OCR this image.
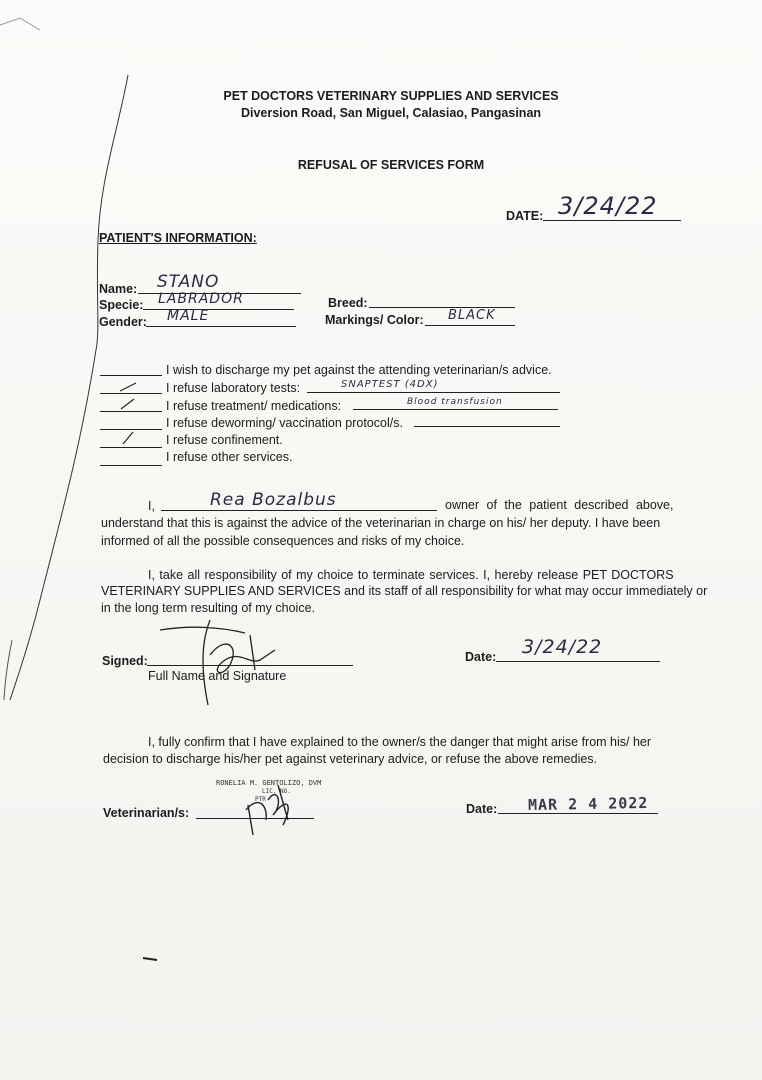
PET DOCTORS VETERINARY SUPPLIES AND SERVICES
Diversion Road, San Miguel, Calasiao, Pangasinan
REFUSAL OF SERVICES FORM
DATE: 3/24/22
PATIENT'S INFORMATION:
Name: STANO
Specie: LABRADOR
Gender: MALE
Breed:
Markings/ Color: BLACK
I wish to discharge my pet against the attending veterinarian/s advice.
I refuse laboratory tests:	SNAPTEST (4DX)
I refuse treatment/ medications:	Blood transfusion
I refuse deworming/ vaccination protocol/s.
I refuse confinement.
I refuse other services.
I,	Rea Bozalbus	owner of the patient described above,
understand that this is against the advice of the veterinarian in charge on his/ her deputy. I have been
informed of all the possible consequences and risks of my choice.
I, take all responsibility of my choice to terminate services. I, hereby release PET DOCTORS
VETERINARY SUPPLIES AND SERVICES and its staff of all responsibility for what may occur immediately or
in the long term resulting of my choice.
Signed:
Full Name and Signature
Date: 3/24/22
I, fully confirm that I have explained to the owner/s the danger that might arise from his/ her
decision to discharge his/her pet against veterinary advice, or refuse the above remedies.
Veterinarian/s:
RONELIA M. GENTOLIZO, DVM
LIC. NO.
PTR
Date: MAR 2 4 2022
